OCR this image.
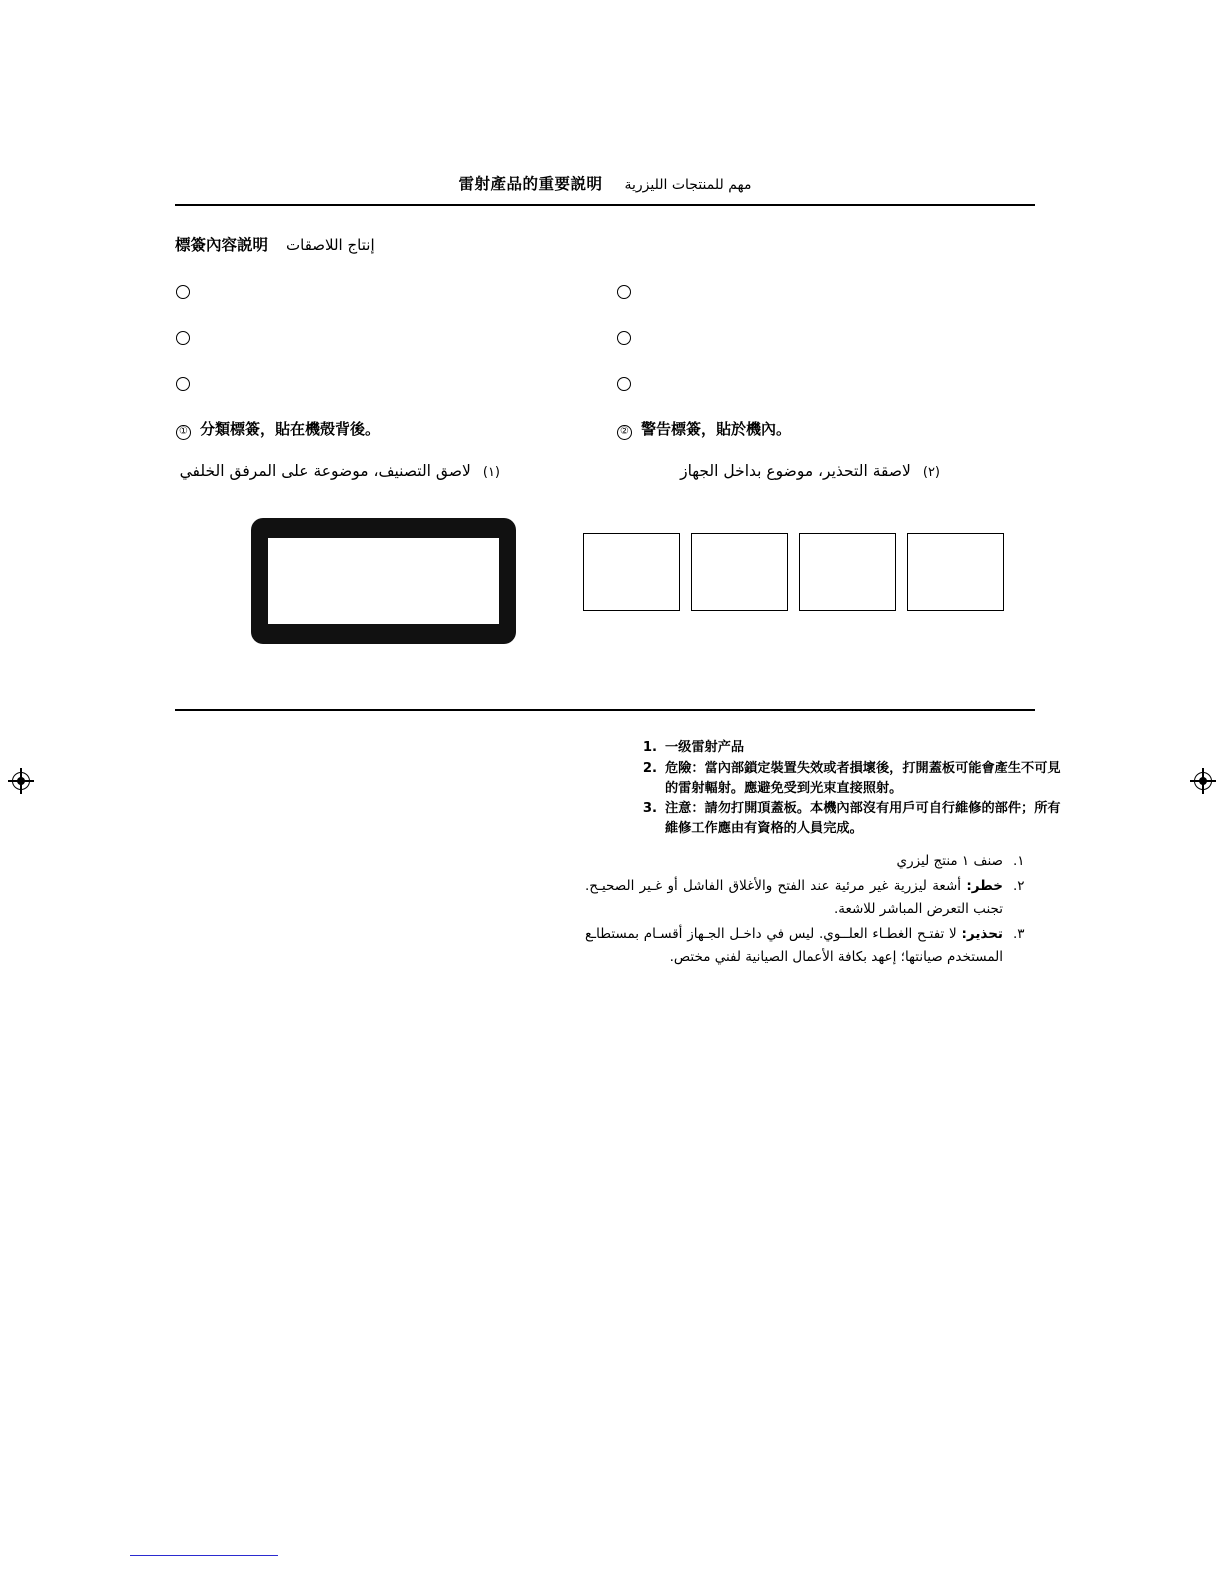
雷射產品的重要説明 مهم للمنتجات الليزرية
標簽內容説明 إنتاج اللاصقات
① 分類標簽，貼在機殻背後。
(١)
لاصق التصنيف، موضوعة على المرفق الخلفي
② 警告標簽，貼於機內。
(٢)
لاصقة التحذير، موضوع بداخل الجهاز
1. 一级雷射产品
2. 危險：當內部鎖定裝置失效或者損壞後，打開蓋板可能會產生不可見的雷射輻射。應避免受到光束直接照射。
3. 注意：請勿打開頂蓋板。本機內部沒有用戶可自行維修的部件；所有維修工作應由有資格的人員完成。
١.
صنف ١ منتج ليزري
٢.
خطر: أشعة ليزرية غير مرئية عند الفتح والأغلاق الفاشل أو غـير الصحيـح. تجنب التعرض المباشر للاشعة.
٣.
تحذير: لا تفتـح الغطـاء العلــوي. ليس في داخـل الجـهاز أقسـام بمستطاـع المستخدم صيانتها؛ إعهد بكافة الأعمال الصيانية لفني مختص.
